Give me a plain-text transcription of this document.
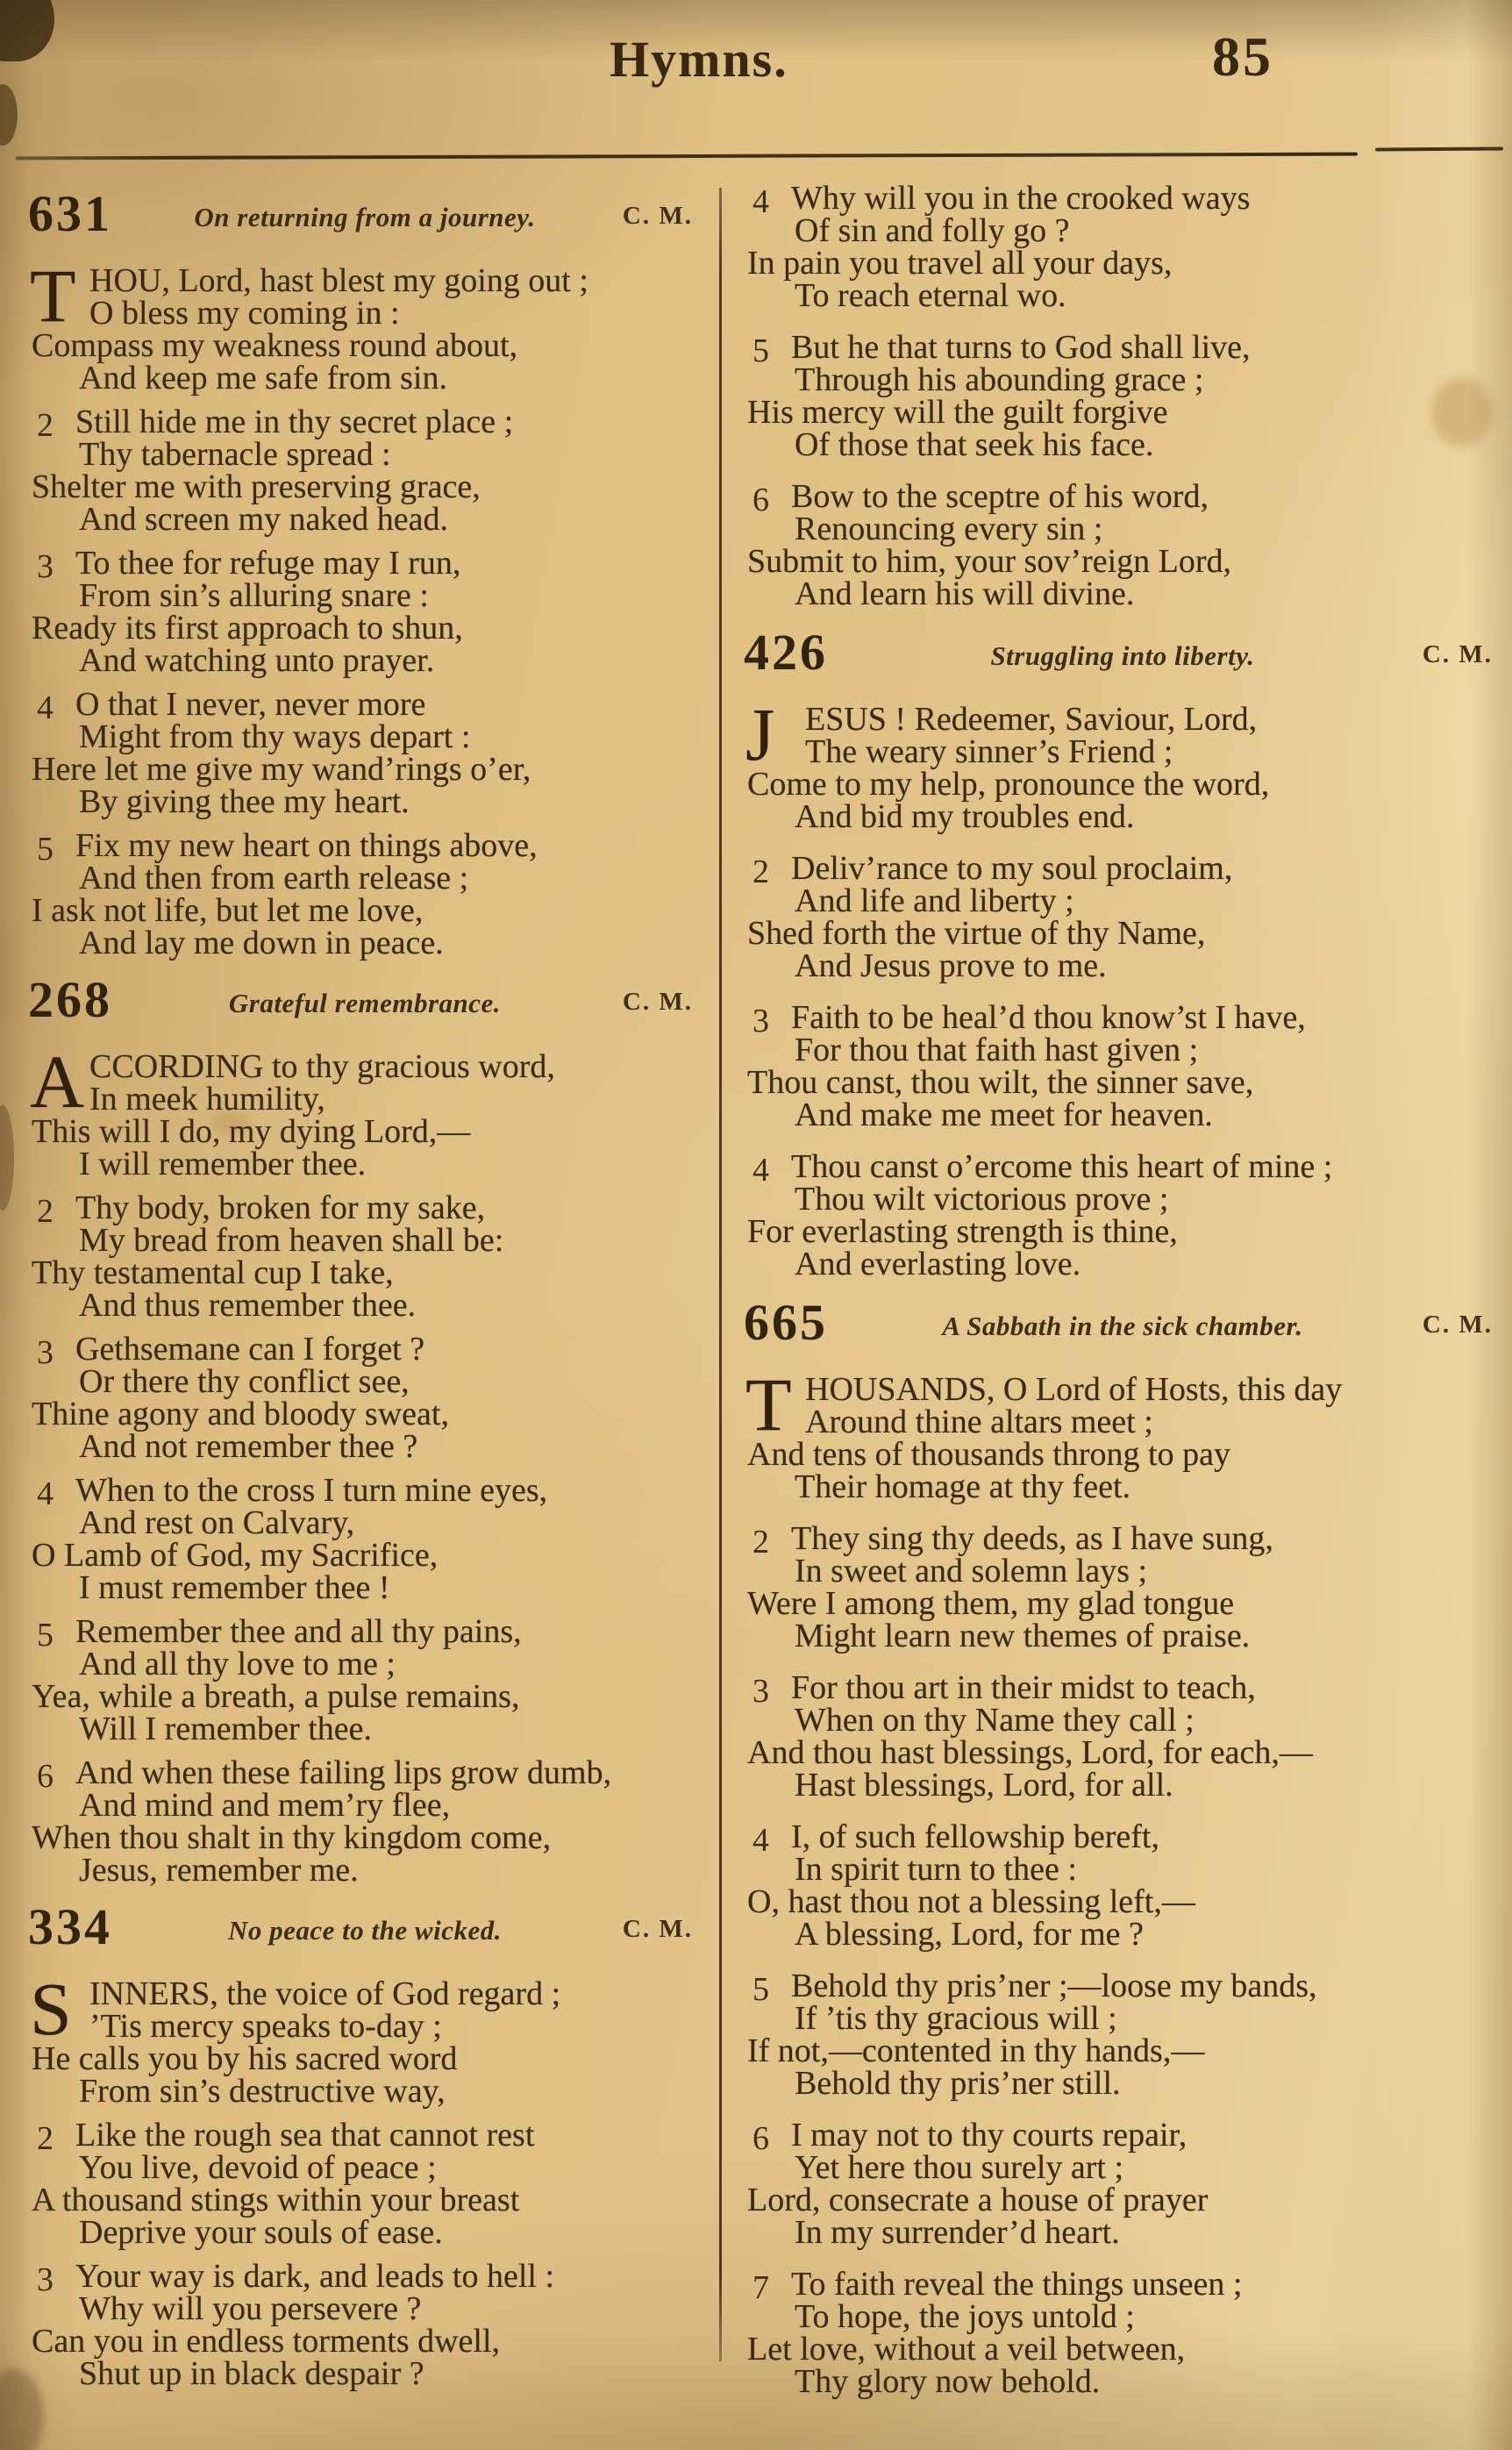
Hymns.	85
631	On returning from a journey.	C. M.
T HOU, Lord, hast blest my going out ;
O bless my coming in :
Compass my weakness round about,
And keep me safe from sin.
2 Still hide me in thy secret place ;
Thy tabernacle spread :
Shelter me with preserving grace,
And screen my naked head.
3 To thee for refuge may I run,
From sin’s alluring snare :
Ready its first approach to shun,
And watching unto prayer.
4 O that I never, never more
Might from thy ways depart :
Here let me give my wand’rings o’er,
By giving thee my heart.
5 Fix my new heart on things above,
And then from earth release ;
I ask not life, but let me love,
And lay me down in peace.
268	Grateful remembrance.	C. M.
A CCORDING to thy gracious word,
In meek humility,
This will I do, my dying Lord,—
I will remember thee.
2 Thy body, broken for my sake,
My bread from heaven shall be:
Thy testamental cup I take,
And thus remember thee.
3 Gethsemane can I forget ?
Or there thy conflict see,
Thine agony and bloody sweat,
And not remember thee ?
4 When to the cross I turn mine eyes,
And rest on Calvary,
O Lamb of God, my Sacrifice,
I must remember thee !
5 Remember thee and all thy pains,
And all thy love to me ;
Yea, while a breath, a pulse remains,
Will I remember thee.
6 And when these failing lips grow dumb,
And mind and mem’ry flee,
When thou shalt in thy kingdom come,
Jesus, remember me.
334	No peace to the wicked.	C. M.
S INNERS, the voice of God regard ;
’Tis mercy speaks to-day ;
He calls you by his sacred word
From sin’s destructive way,
2 Like the rough sea that cannot rest
You live, devoid of peace ;
A thousand stings within your breast
Deprive your souls of ease.
3 Your way is dark, and leads to hell :
Why will you persevere ?
Can you in endless torments dwell,
Shut up in black despair ?
4 Why will you in the crooked ways
Of sin and folly go ?
In pain you travel all your days,
To reach eternal wo.
5 But he that turns to God shall live,
Through his abounding grace ;
His mercy will the guilt forgive
Of those that seek his face.
6 Bow to the sceptre of his word,
Renouncing every sin ;
Submit to him, your sov’reign Lord,
And learn his will divine.
426	Struggling into liberty.	C. M.
J ESUS ! Redeemer, Saviour, Lord,
The weary sinner’s Friend ;
Come to my help, pronounce the word,
And bid my troubles end.
2 Deliv’rance to my soul proclaim,
And life and liberty ;
Shed forth the virtue of thy Name,
And Jesus prove to me.
3 Faith to be heal’d thou know’st I have,
For thou that faith hast given ;
Thou canst, thou wilt, the sinner save,
And make me meet for heaven.
4 Thou canst o’ercome this heart of mine ;
Thou wilt victorious prove ;
For everlasting strength is thine,
And everlasting love.
665	A Sabbath in the sick chamber.	C. M.
T HOUSANDS, O Lord of Hosts, this day
Around thine altars meet ;
And tens of thousands throng to pay
Their homage at thy feet.
2 They sing thy deeds, as I have sung,
In sweet and solemn lays ;
Were I among them, my glad tongue
Might learn new themes of praise.
3 For thou art in their midst to teach,
When on thy Name they call ;
And thou hast blessings, Lord, for each,—
Hast blessings, Lord, for all.
4 I, of such fellowship bereft,
In spirit turn to thee :
O, hast thou not a blessing left,—
A blessing, Lord, for me ?
5 Behold thy pris’ner ;—loose my bands,
If ’tis thy gracious will ;
If not,—contented in thy hands,—
Behold thy pris’ner still.
6 I may not to thy courts repair,
Yet here thou surely art ;
Lord, consecrate a house of prayer
In my surrender’d heart.
7 To faith reveal the things unseen ;
To hope, the joys untold ;
Let love, without a veil between,
Thy glory now behold.
